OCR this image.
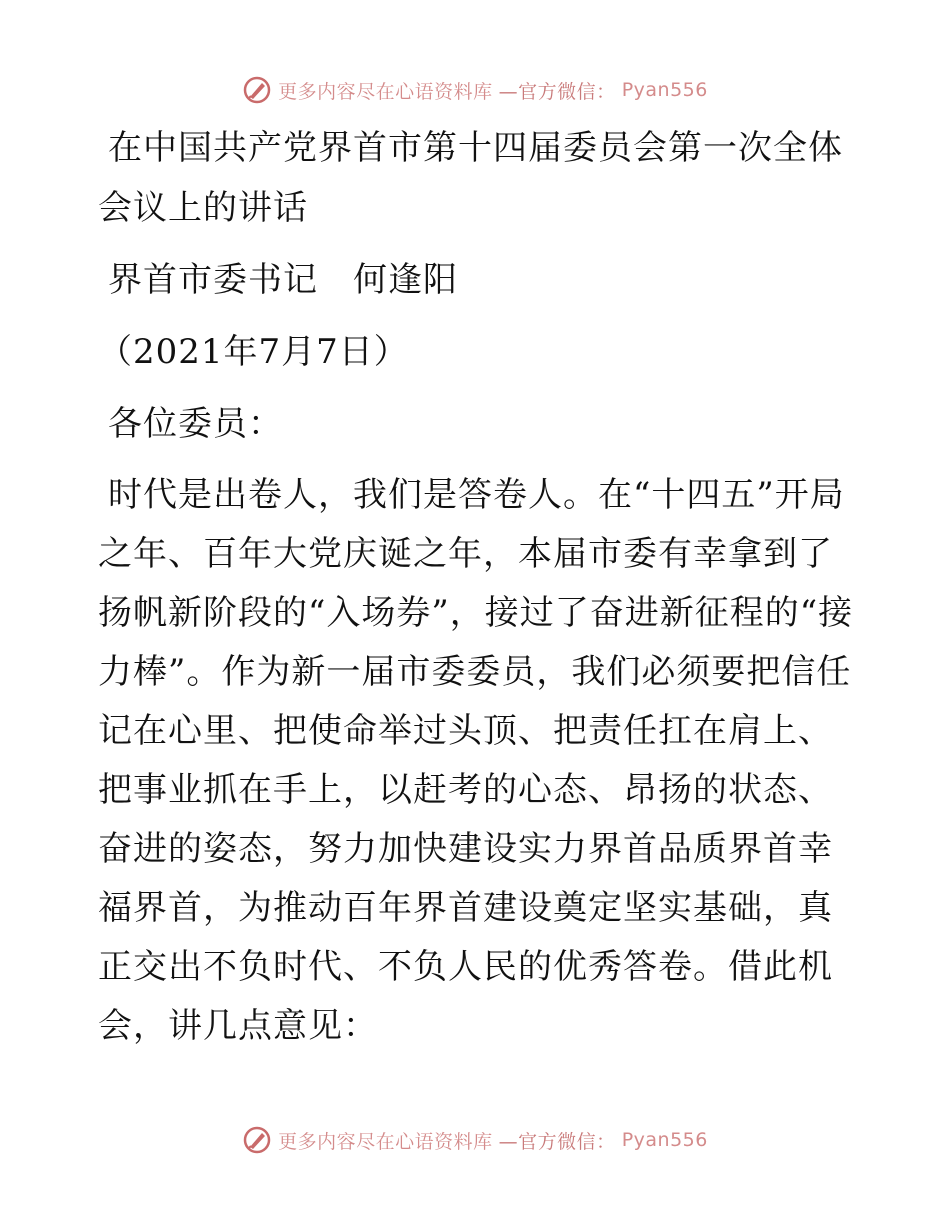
更多内容尽在心语资料库 —官方微信： Pyan556

在中国共产党界首市第十四届委员会第一次全体会议上的讲话

界首市委书记　何逢阳

（2021年7月7日）

各位委员：

时代是出卷人，我们是答卷人。在“十四五”开局之年、百年大党庆诞之年，本届市委有幸拿到了扬帆新阶段的“入场券”，接过了奋进新征程的“接力棒”。作为新一届市委委员，我们必须要把信任记在心里、把使命举过头顶、把责任扛在肩上、把事业抓在手上，以赶考的心态、昂扬的状态、奋进的姿态，努力加快建设实力界首品质界首幸福界首，为推动百年界首建设奠定坚实基础，真正交出不负时代、不负人民的优秀答卷。借此机会，讲几点意见：

更多内容尽在心语资料库 —官方微信： Pyan556
